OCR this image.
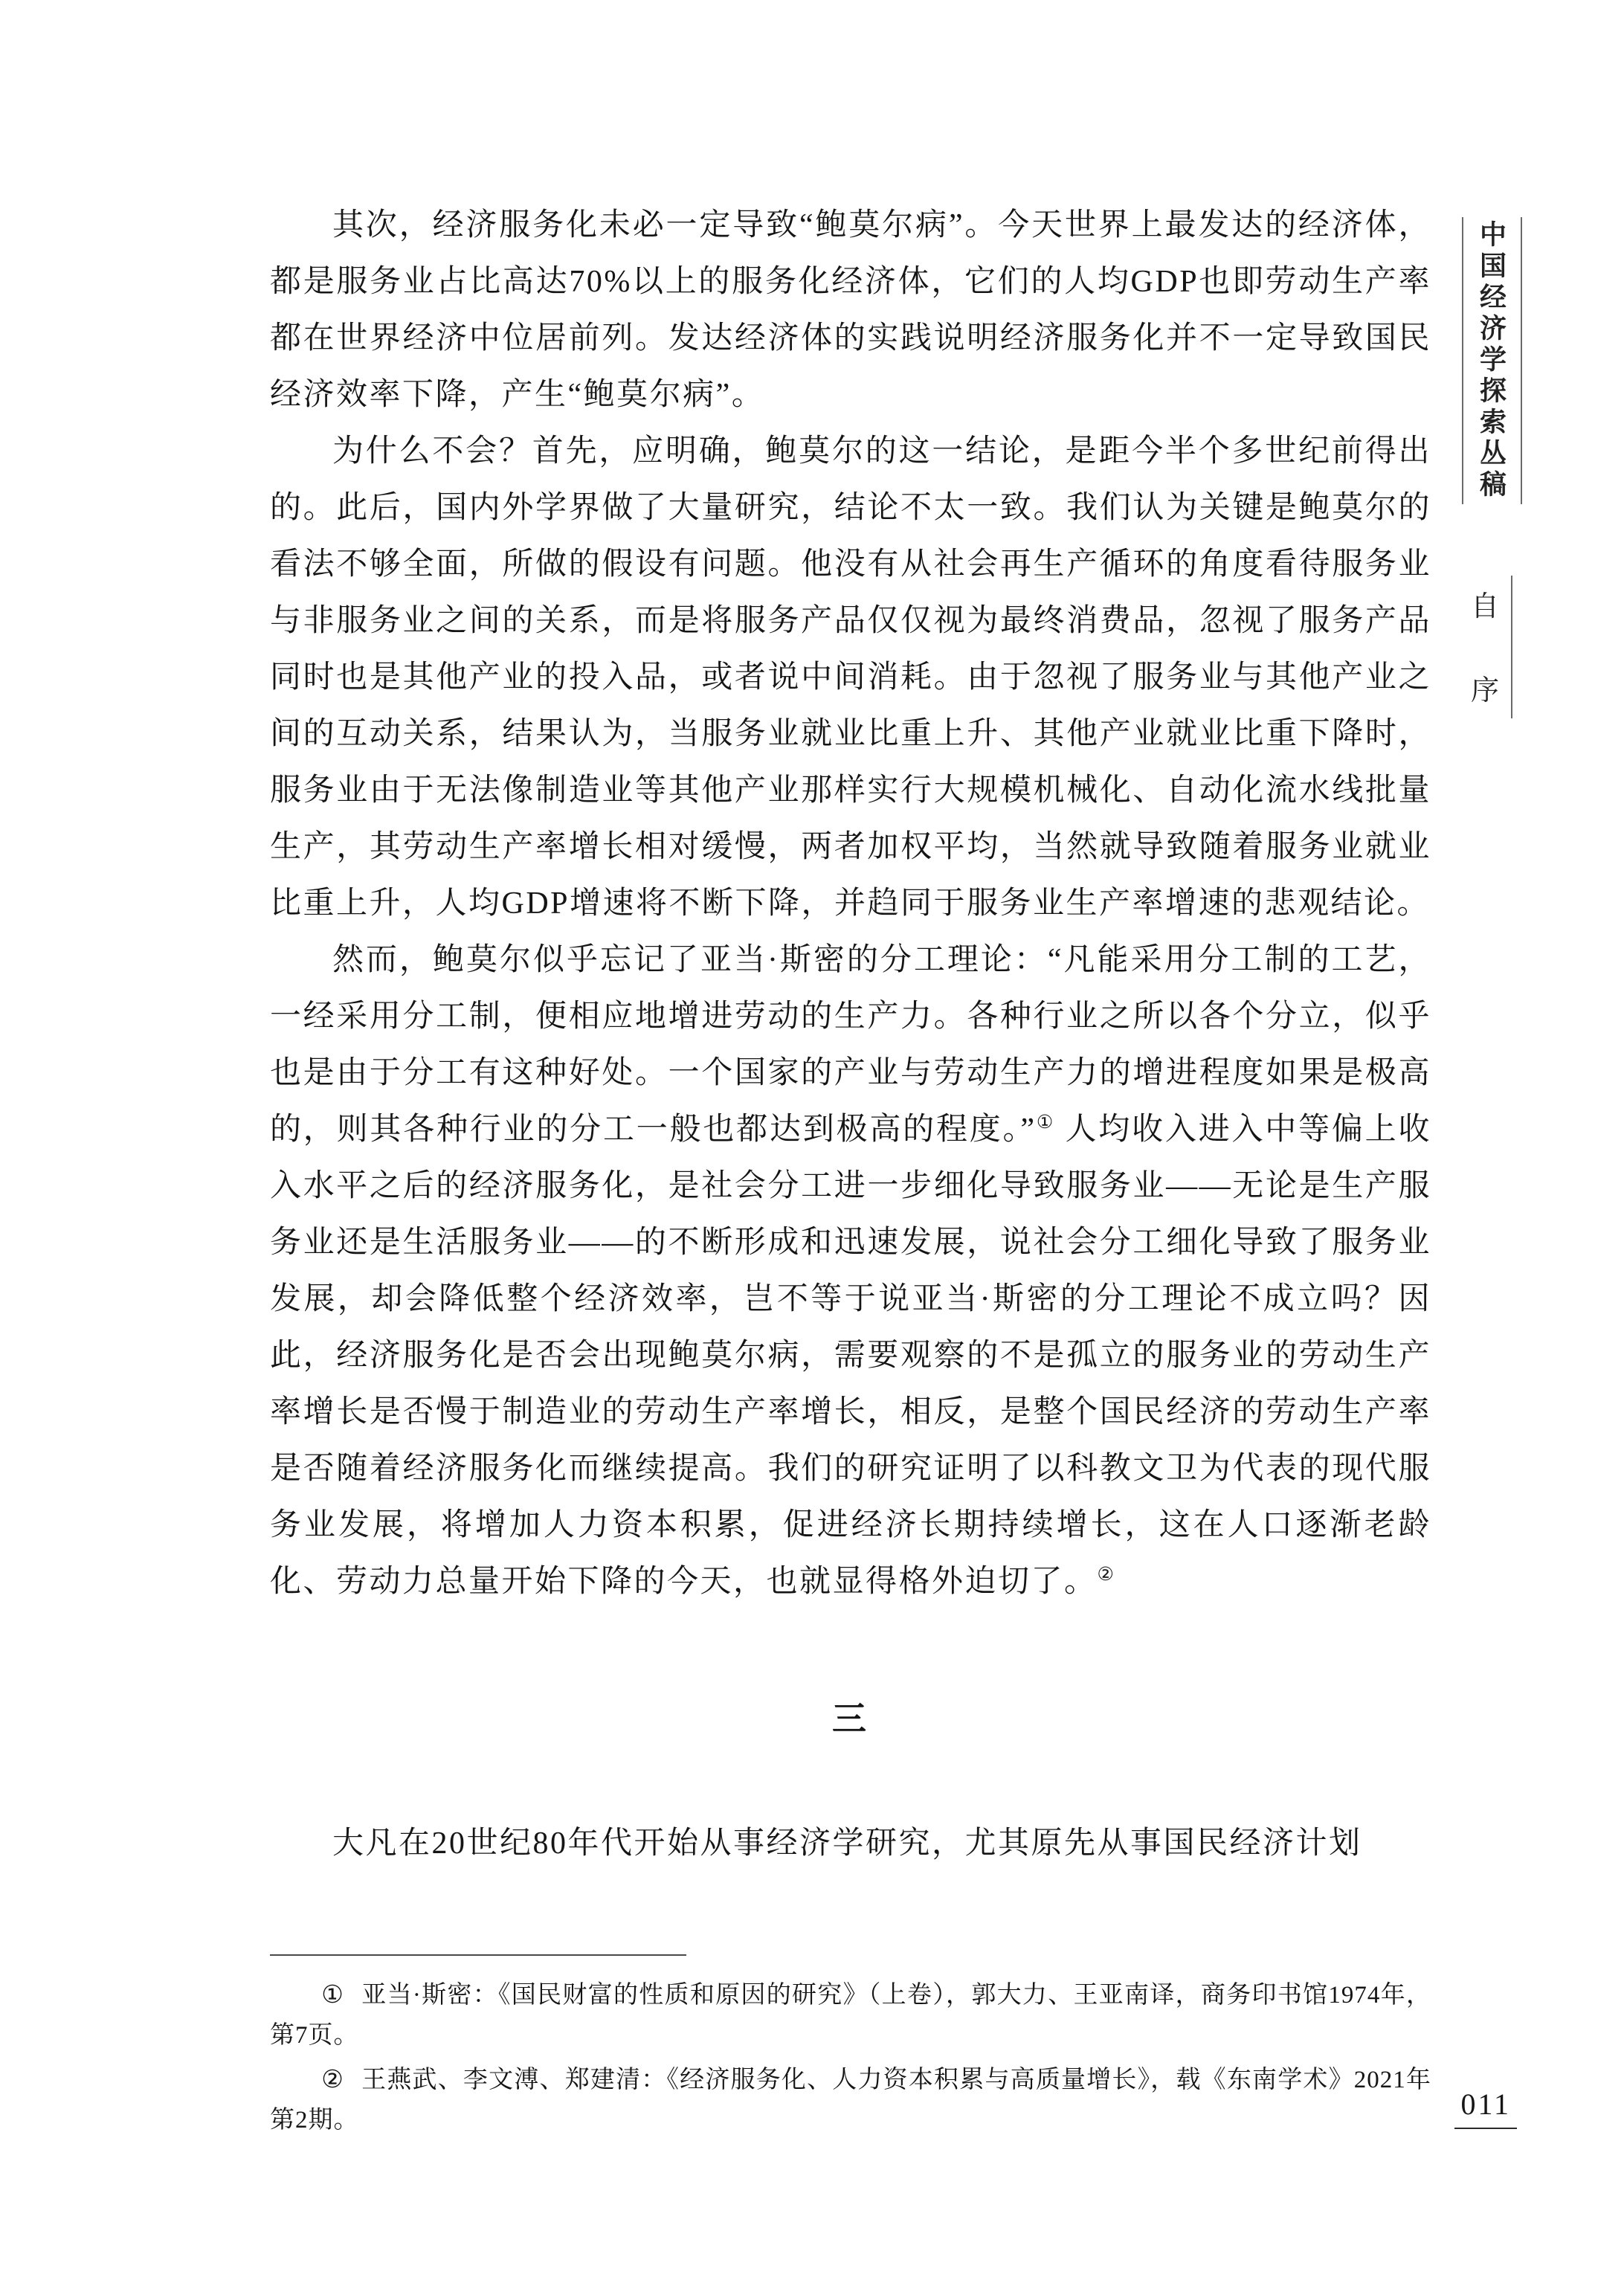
其次，经济服务化未必一定导致“鲍莫尔病”。今天世界上最发达的经济体，都是服务业占比高达70%以上的服务化经济体，它们的人均GDP也即劳动生产率都在世界经济中位居前列。发达经济体的实践说明经济服务化并不一定导致国民经济效率下降，产生“鲍莫尔病”。

为什么不会？首先，应明确，鲍莫尔的这一结论，是距今半个多世纪前得出的。此后，国内外学界做了大量研究，结论不太一致。我们认为关键是鲍莫尔的看法不够全面，所做的假设有问题。他没有从社会再生产循环的角度看待服务业与非服务业之间的关系，而是将服务产品仅仅视为最终消费品，忽视了服务产品同时也是其他产业的投入品，或者说中间消耗。由于忽视了服务业与其他产业之间的互动关系，结果认为，当服务业就业比重上升、其他产业就业比重下降时，服务业由于无法像制造业等其他产业那样实行大规模机械化、自动化流水线批量生产，其劳动生产率增长相对缓慢，两者加权平均，当然就导致随着服务业就业比重上升，人均GDP增速将不断下降，并趋同于服务业生产率增速的悲观结论。

然而，鲍莫尔似乎忘记了亚当·斯密的分工理论：“凡能采用分工制的工艺，一经采用分工制，便相应地增进劳动的生产力。各种行业之所以各个分立，似乎也是由于分工有这种好处。一个国家的产业与劳动生产力的增进程度如果是极高的，则其各种行业的分工一般也都达到极高的程度。”① 人均收入进入中等偏上收入水平之后的经济服务化，是社会分工进一步细化导致服务业——无论是生产服务业还是生活服务业——的不断形成和迅速发展，说社会分工细化导致了服务业发展，却会降低整个经济效率，岂不等于说亚当·斯密的分工理论不成立吗？因此，经济服务化是否会出现鲍莫尔病，需要观察的不是孤立的服务业的劳动生产率增长是否慢于制造业的劳动生产率增长，相反，是整个国民经济的劳动生产率是否随着经济服务化而继续提高。我们的研究证明了以科教文卫为代表的现代服务业发展，将增加人力资本积累，促进经济长期持续增长，这在人口逐渐老龄化、劳动力总量开始下降的今天，也就显得格外迫切了。②

三

大凡在20世纪80年代开始从事经济学研究，尤其原先从事国民经济计划

① 亚当·斯密：《国民财富的性质和原因的研究》（上卷），郭大力、王亚南译，商务印书馆1974年，第7页。

② 王燕武、李文溥、郑建清：《经济服务化、人力资本积累与高质量增长》，载《东南学术》2021年第2期。	011
中国经济学探索丛稿
自
序
